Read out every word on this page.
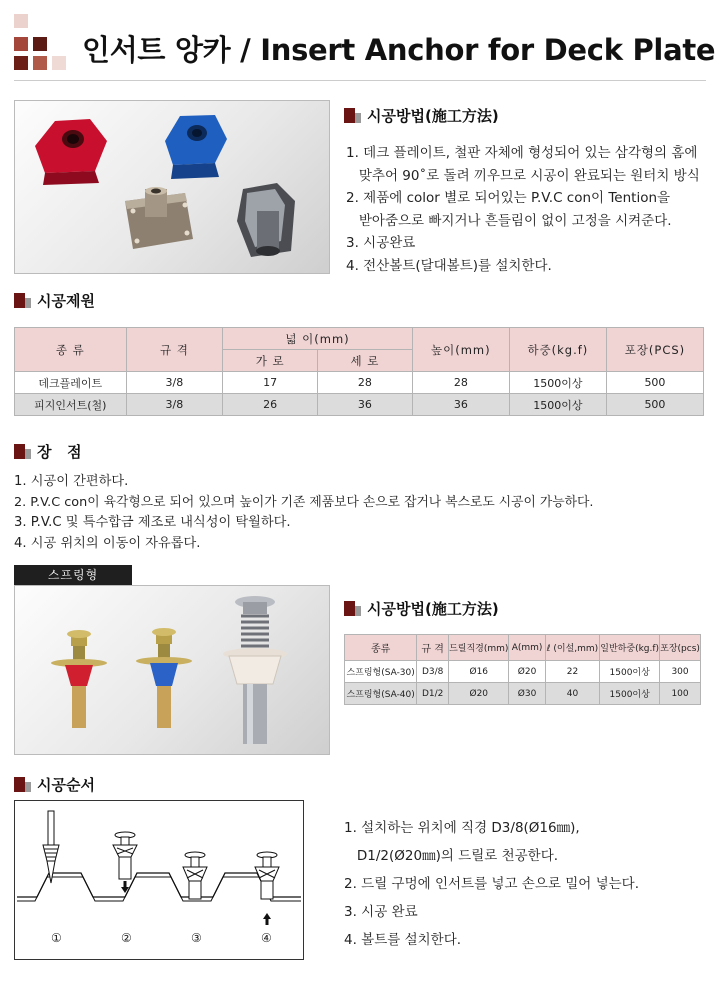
인서트 앙카 / Insert Anchor for Deck Plate
시공방법(施工方法)
1. 데크 플레이트, 철판 자체에 형성되어 있는 삼각형의 홈에
맞추어 90˚로 돌려 끼우므로 시공이 완료되는 원터치 방식
2. 제품에 color 별로 되어있는 P.V.C con이 Tention을
받아줌으로 빠지거나 흔들림이 없이 고정을 시켜준다.
3. 시공완료
4. 전산볼트(달대볼트)를 설치한다.
시공제원
종 류	규 격	넓 이(mm)		높이(mm)	하중(kg.f)	포장(PCS)
		가 로	세 로			
데크플레이트	3/8	17	28	28	1500이상	500
피지인서트(철)	3/8	26	36	36	1500이상	500
장   점
1. 시공이 간편하다.
2. P.V.C con이 육각형으로 되어 있으며 높이가 기존 제품보다 손으로 잡거나 복스로도 시공이 가능하다.
3. P.V.C 및 특수합금 제조로 내식성이 탁월하다.
4. 시공 위치의 이동이 자유롭다.
스프링형
시공방법(施工方法)
종류	규 격	드릴직경(mm)	A(mm)	ℓ (이설,mm)	일반하중(kg.f)	포장(pcs)
스프링형(SA-30)	D3/8	Ø16	Ø20	22	1500이상	300
스프링형(SA-40)	D1/2	Ø20	Ø30	40	1500이상	100
시공순서
①	②	③	④
1. 설치하는 위치에 직경 D3/8(Ø16㎜),
D1/2(Ø20㎜)의 드릴로 천공한다.
2. 드릴 구멍에 인서트를 넣고 손으로 밀어 넣는다.
3. 시공 완료
4. 볼트를 설치한다.
